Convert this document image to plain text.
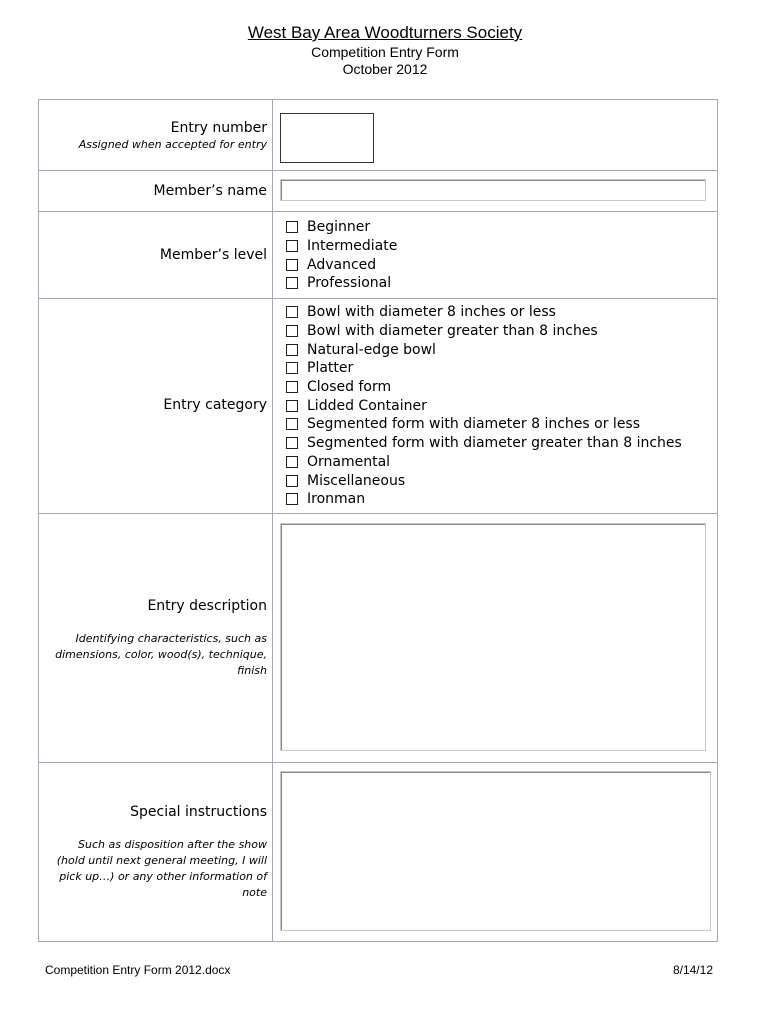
West Bay Area Woodturners Society
Competition Entry Form
October 2012
Entry number
Assigned when accepted for entry
Member’s name
Member’s level
Beginner
Intermediate
Advanced
Professional
Entry category
Bowl with diameter 8 inches or less
Bowl with diameter greater than 8 inches
Natural-edge bowl
Platter
Closed form
Lidded Container
Segmented form with diameter 8 inches or less
Segmented form with diameter greater than 8 inches
Ornamental
Miscellaneous
Ironman
Entry description
Identifying characteristics, such as dimensions, color, wood(s), technique, finish
Special instructions
Such as disposition after the show (hold until next general meeting, I will pick up…) or any other information of note
Competition Entry Form 2012.docx	8/14/12
